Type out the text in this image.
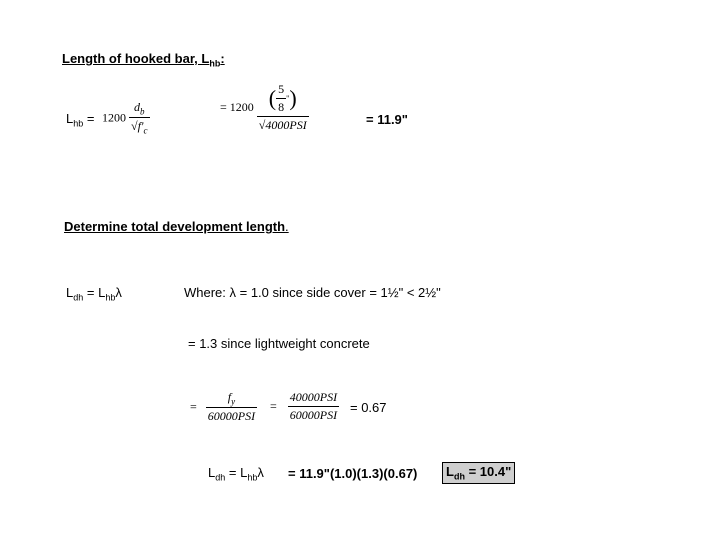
Length of hooked bar, $L_{hb}$:
$L_{hb} = 1200 \frac{d_b}{√f'_c}$	= $1200 \frac{( \frac{5}{8} ")}{\text{√4000PSI}}$	= 11.9"
Determine total development length.
$L_{dh} = L_{hb}\lambda$	Where: λ = 1.0 since side cover = 1½" < 2½"
= 1.3 since lightweight concrete
= $\frac{f_y}{\text{60000PSI}} = \frac{\text{40000PSI}}{\text{60000PSI}} = 0.67$
$L_{dh} = L_{hb}\lambda$ = 11.9"(1.0)(1.3)(0.67)	$L_{dh} = 10.4$"
